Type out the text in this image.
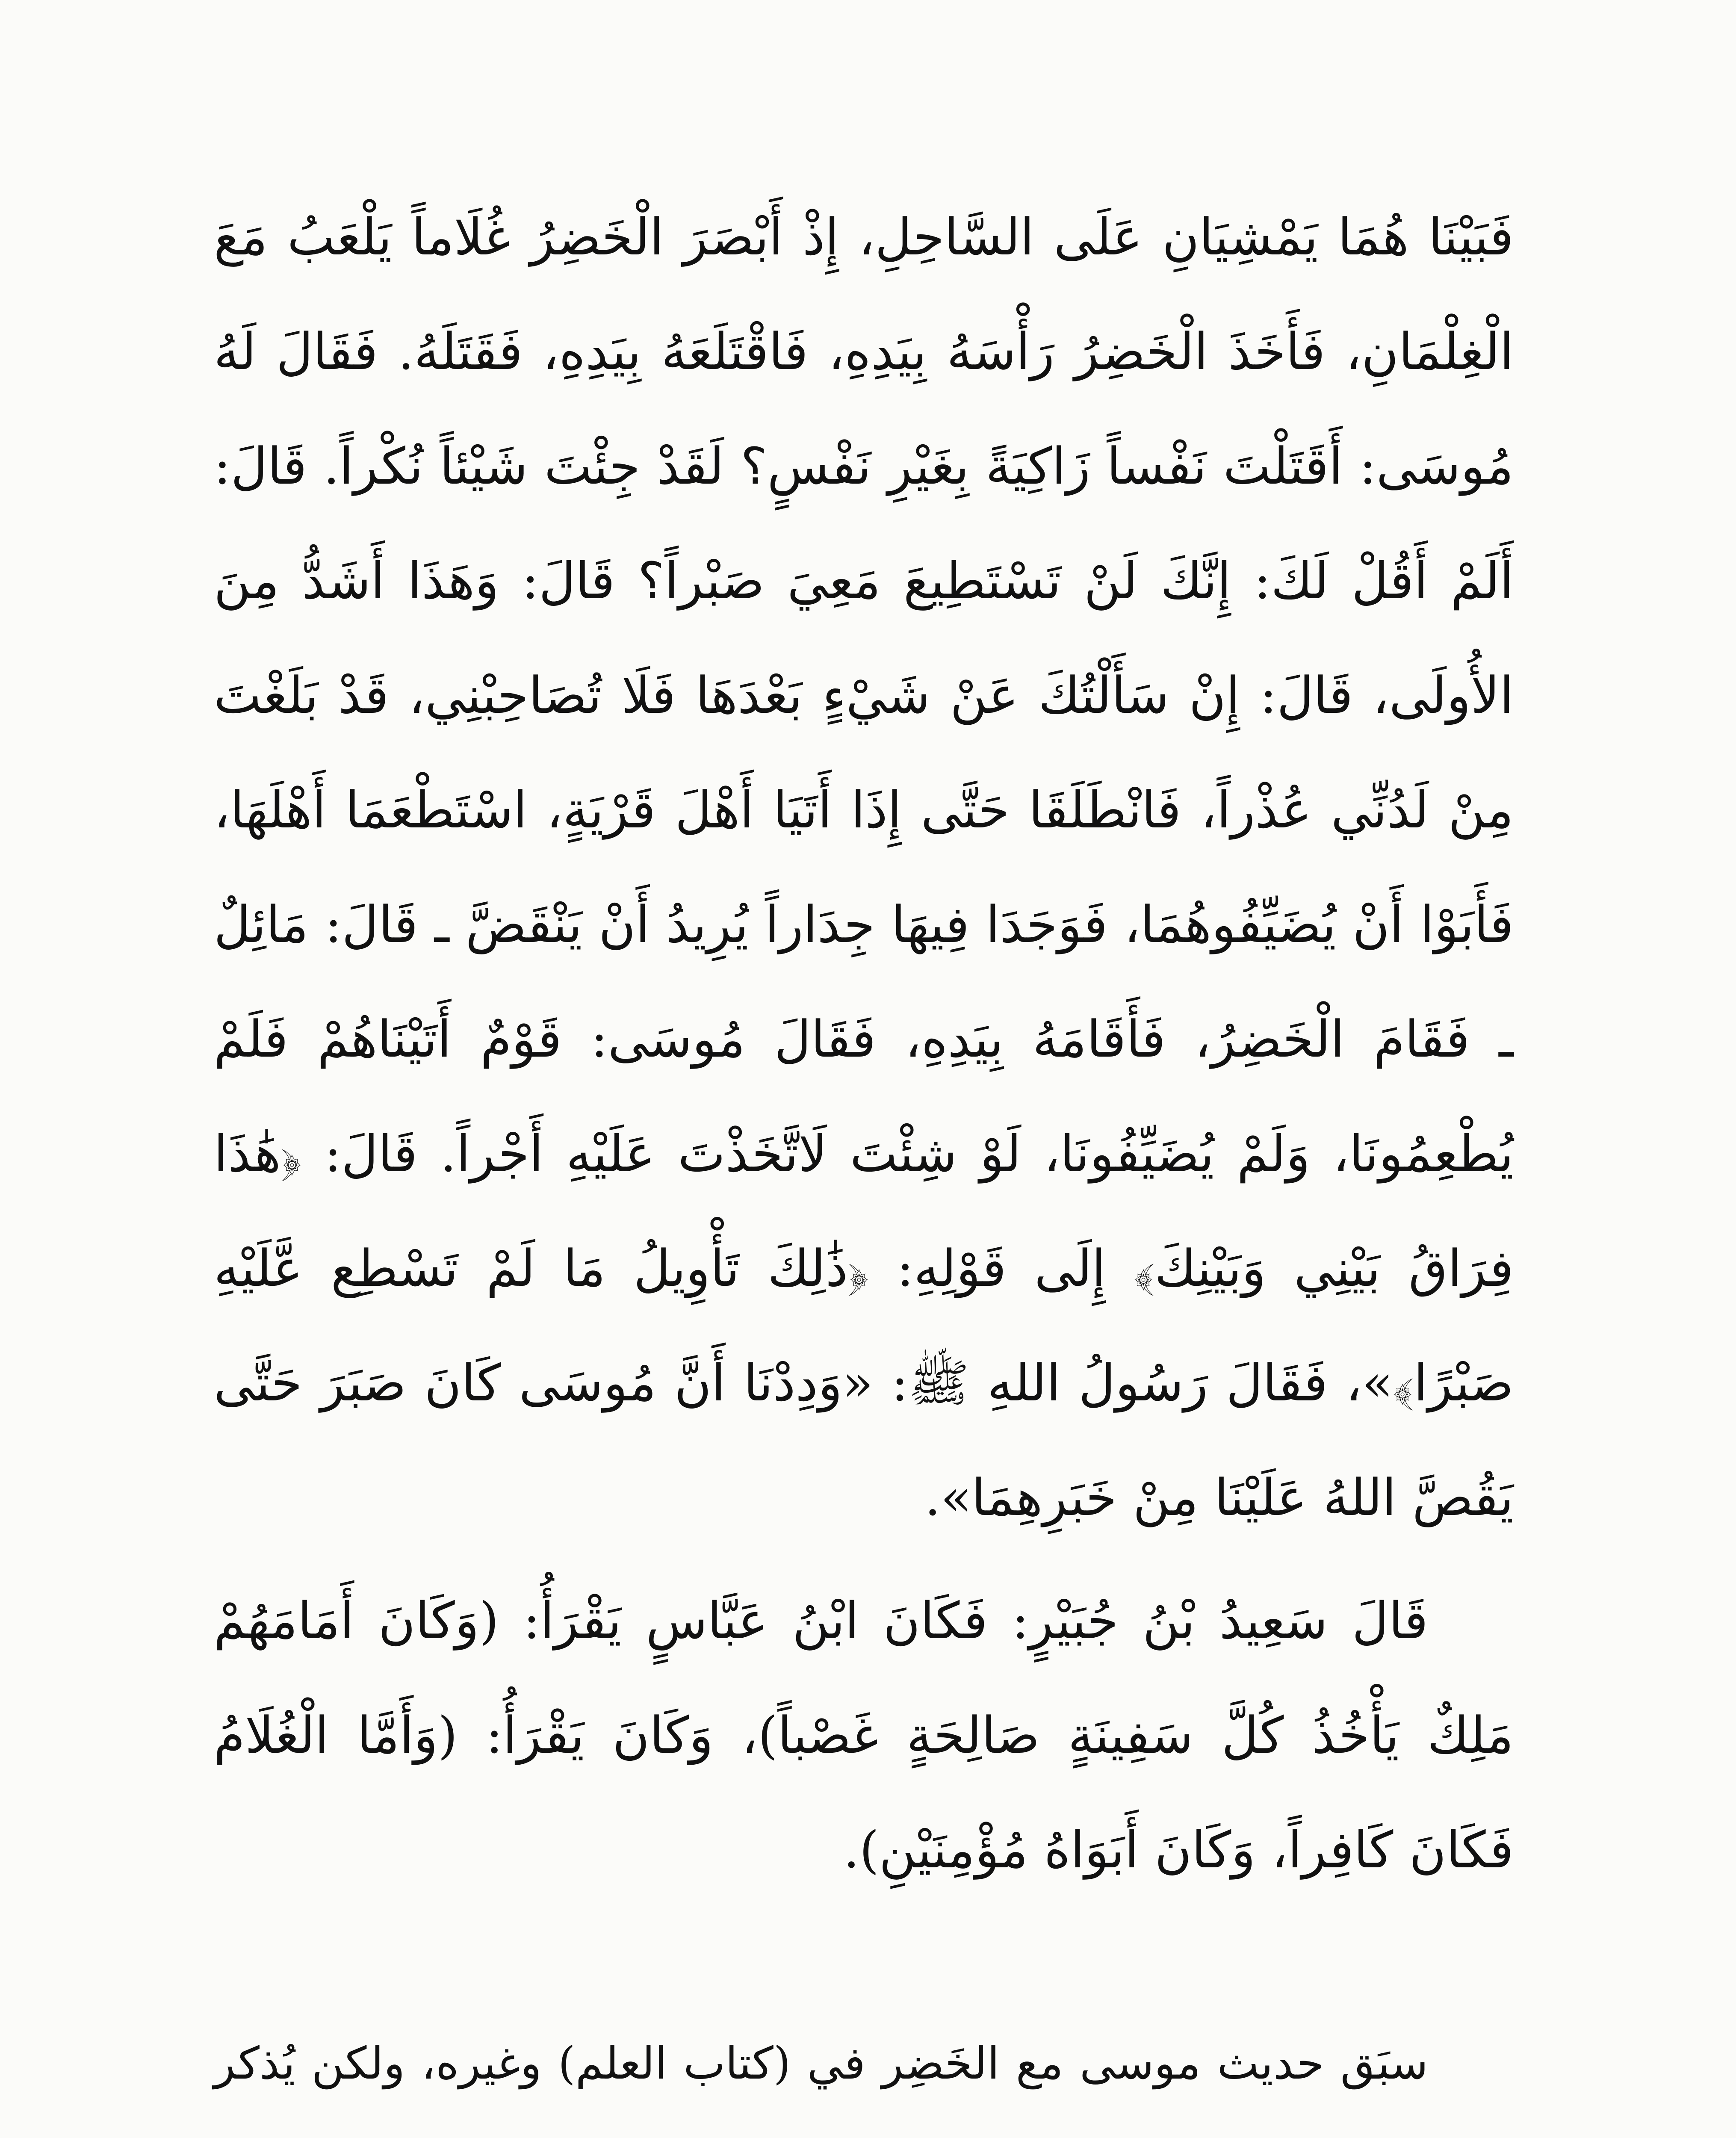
فَبَيْنَا هُمَا يَمْشِيَانِ عَلَى السَّاحِلِ، إِذْ أَبْصَرَ الْخَضِرُ غُلَاماً يَلْعَبُ مَعَ الْغِلْمَانِ، فَأَخَذَ الْخَضِرُ رَأْسَهُ بِيَدِهِ، فَاقْتَلَعَهُ بِيَدِهِ، فَقَتَلَهُ. فَقَالَ لَهُ مُوسَى: أَقَتَلْتَ نَفْساً زَاكِيَةً بِغَيْرِ نَفْسٍ؟ لَقَدْ جِئْتَ شَيْئاً نُكْراً. قَالَ: أَلَمْ أَقُلْ لَكَ: إِنَّكَ لَنْ تَسْتَطِيعَ مَعِيَ صَبْراً؟ قَالَ: وَهَذَا أَشَدُّ مِنَ الأُولَى، قَالَ: إِنْ سَأَلْتُكَ عَنْ شَيْءٍ بَعْدَهَا فَلَا تُصَاحِبْنِي، قَدْ بَلَغْتَ مِنْ لَدُنِّي عُذْراً، فَانْطَلَقَا حَتَّى إِذَا أَتَيَا أَهْلَ قَرْيَةٍ، اسْتَطْعَمَا أَهْلَهَا، فَأَبَوْا أَنْ يُضَيِّفُوهُمَا، فَوَجَدَا فِيهَا جِدَاراً يُرِيدُ أَنْ يَنْقَضَّ ـ قَالَ: مَائِلٌ ـ فَقَامَ الْخَضِرُ، فَأَقَامَهُ بِيَدِهِ، فَقَالَ مُوسَى: قَوْمٌ أَتَيْنَاهُمْ فَلَمْ يُطْعِمُونَا، وَلَمْ يُضَيِّفُونَا، لَوْ شِئْتَ لَاتَّخَذْتَ عَلَيْهِ أَجْراً. قَالَ: ﴿هَٰذَا فِرَاقُ بَيْنِي وَبَيْنِكَ﴾ إِلَى قَوْلِهِ: ﴿ذَٰلِكَ تَأْوِيلُ مَا لَمْ تَسْطِع عَّلَيْهِ صَبْرًا﴾»، فَقَالَ رَسُولُ اللهِ ﷺ: «وَدِدْنَا أَنَّ مُوسَى كَانَ صَبَرَ حَتَّى يَقُصَّ اللهُ عَلَيْنَا مِنْ خَبَرِهِمَا».

قَالَ سَعِيدُ بْنُ جُبَيْرٍ: فَكَانَ ابْنُ عَبَّاسٍ يَقْرَأُ: (وَكَانَ أَمَامَهُمْ مَلِكٌ يَأْخُذُ كُلَّ سَفِينَةٍ صَالِحَةٍ غَصْباً)، وَكَانَ يَقْرَأُ: (وَأَمَّا الْغُلَامُ فَكَانَ كَافِراً، وَكَانَ أَبَوَاهُ مُؤْمِنَيْنِ).

سبَق حديث موسى مع الخَضِر في (كتاب العلم) وغيره، ولكن يُذكر
